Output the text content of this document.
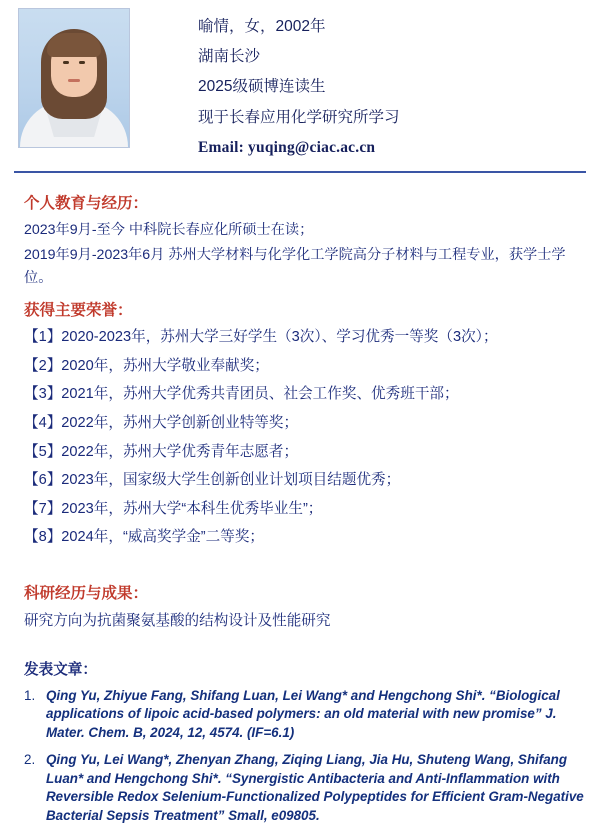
喻情，女，2002年
湖南长沙
2025级硕博连读生
现于长春应用化学研究所学习
Email: yuqing@ciac.ac.cn
个人教育与经历：
2023年9月-至今 中科院长春应化所硕士在读；
2019年9月-2023年6月 苏州大学材料与化学化工学院高分子材料与工程专业，获学士学位。
获得主要荣誉：
【1】2020-2023年，苏州大学三好学生（3次）、学习优秀一等奖（3次）；
【2】2020年，苏州大学敬业奉献奖；
【3】2021年，苏州大学优秀共青团员、社会工作奖、优秀班干部；
【4】2022年，苏州大学创新创业特等奖；
【5】2022年，苏州大学优秀青年志愿者；
【6】2023年，国家级大学生创新创业计划项目结题优秀；
【7】2023年，苏州大学“本科生优秀毕业生”；
【8】2024年，“威高奖学金”二等奖；
科研经历与成果：
研究方向为抗菌聚氨基酸的结构设计及性能研究
发表文章：
1. Qing Yu, Zhiyue Fang, Shifang Luan, Lei Wang* and Hengchong Shi*. “Biological applications of lipoic acid-based polymers: an old material with new promise” J. Mater. Chem. B, 2024, 12, 4574. (IF=6.1)
2. Qing Yu, Lei Wang*, Zhenyan Zhang, Ziqing Liang, Jia Hu, Shuteng Wang, Shifang Luan* and Hengchong Shi*. “Synergistic Antibacteria and Anti-Inflammation with Reversible Redox Selenium-Functionalized Polypeptides for Efficient Gram-Negative Bacterial Sepsis Treatment” Small, e09805.
